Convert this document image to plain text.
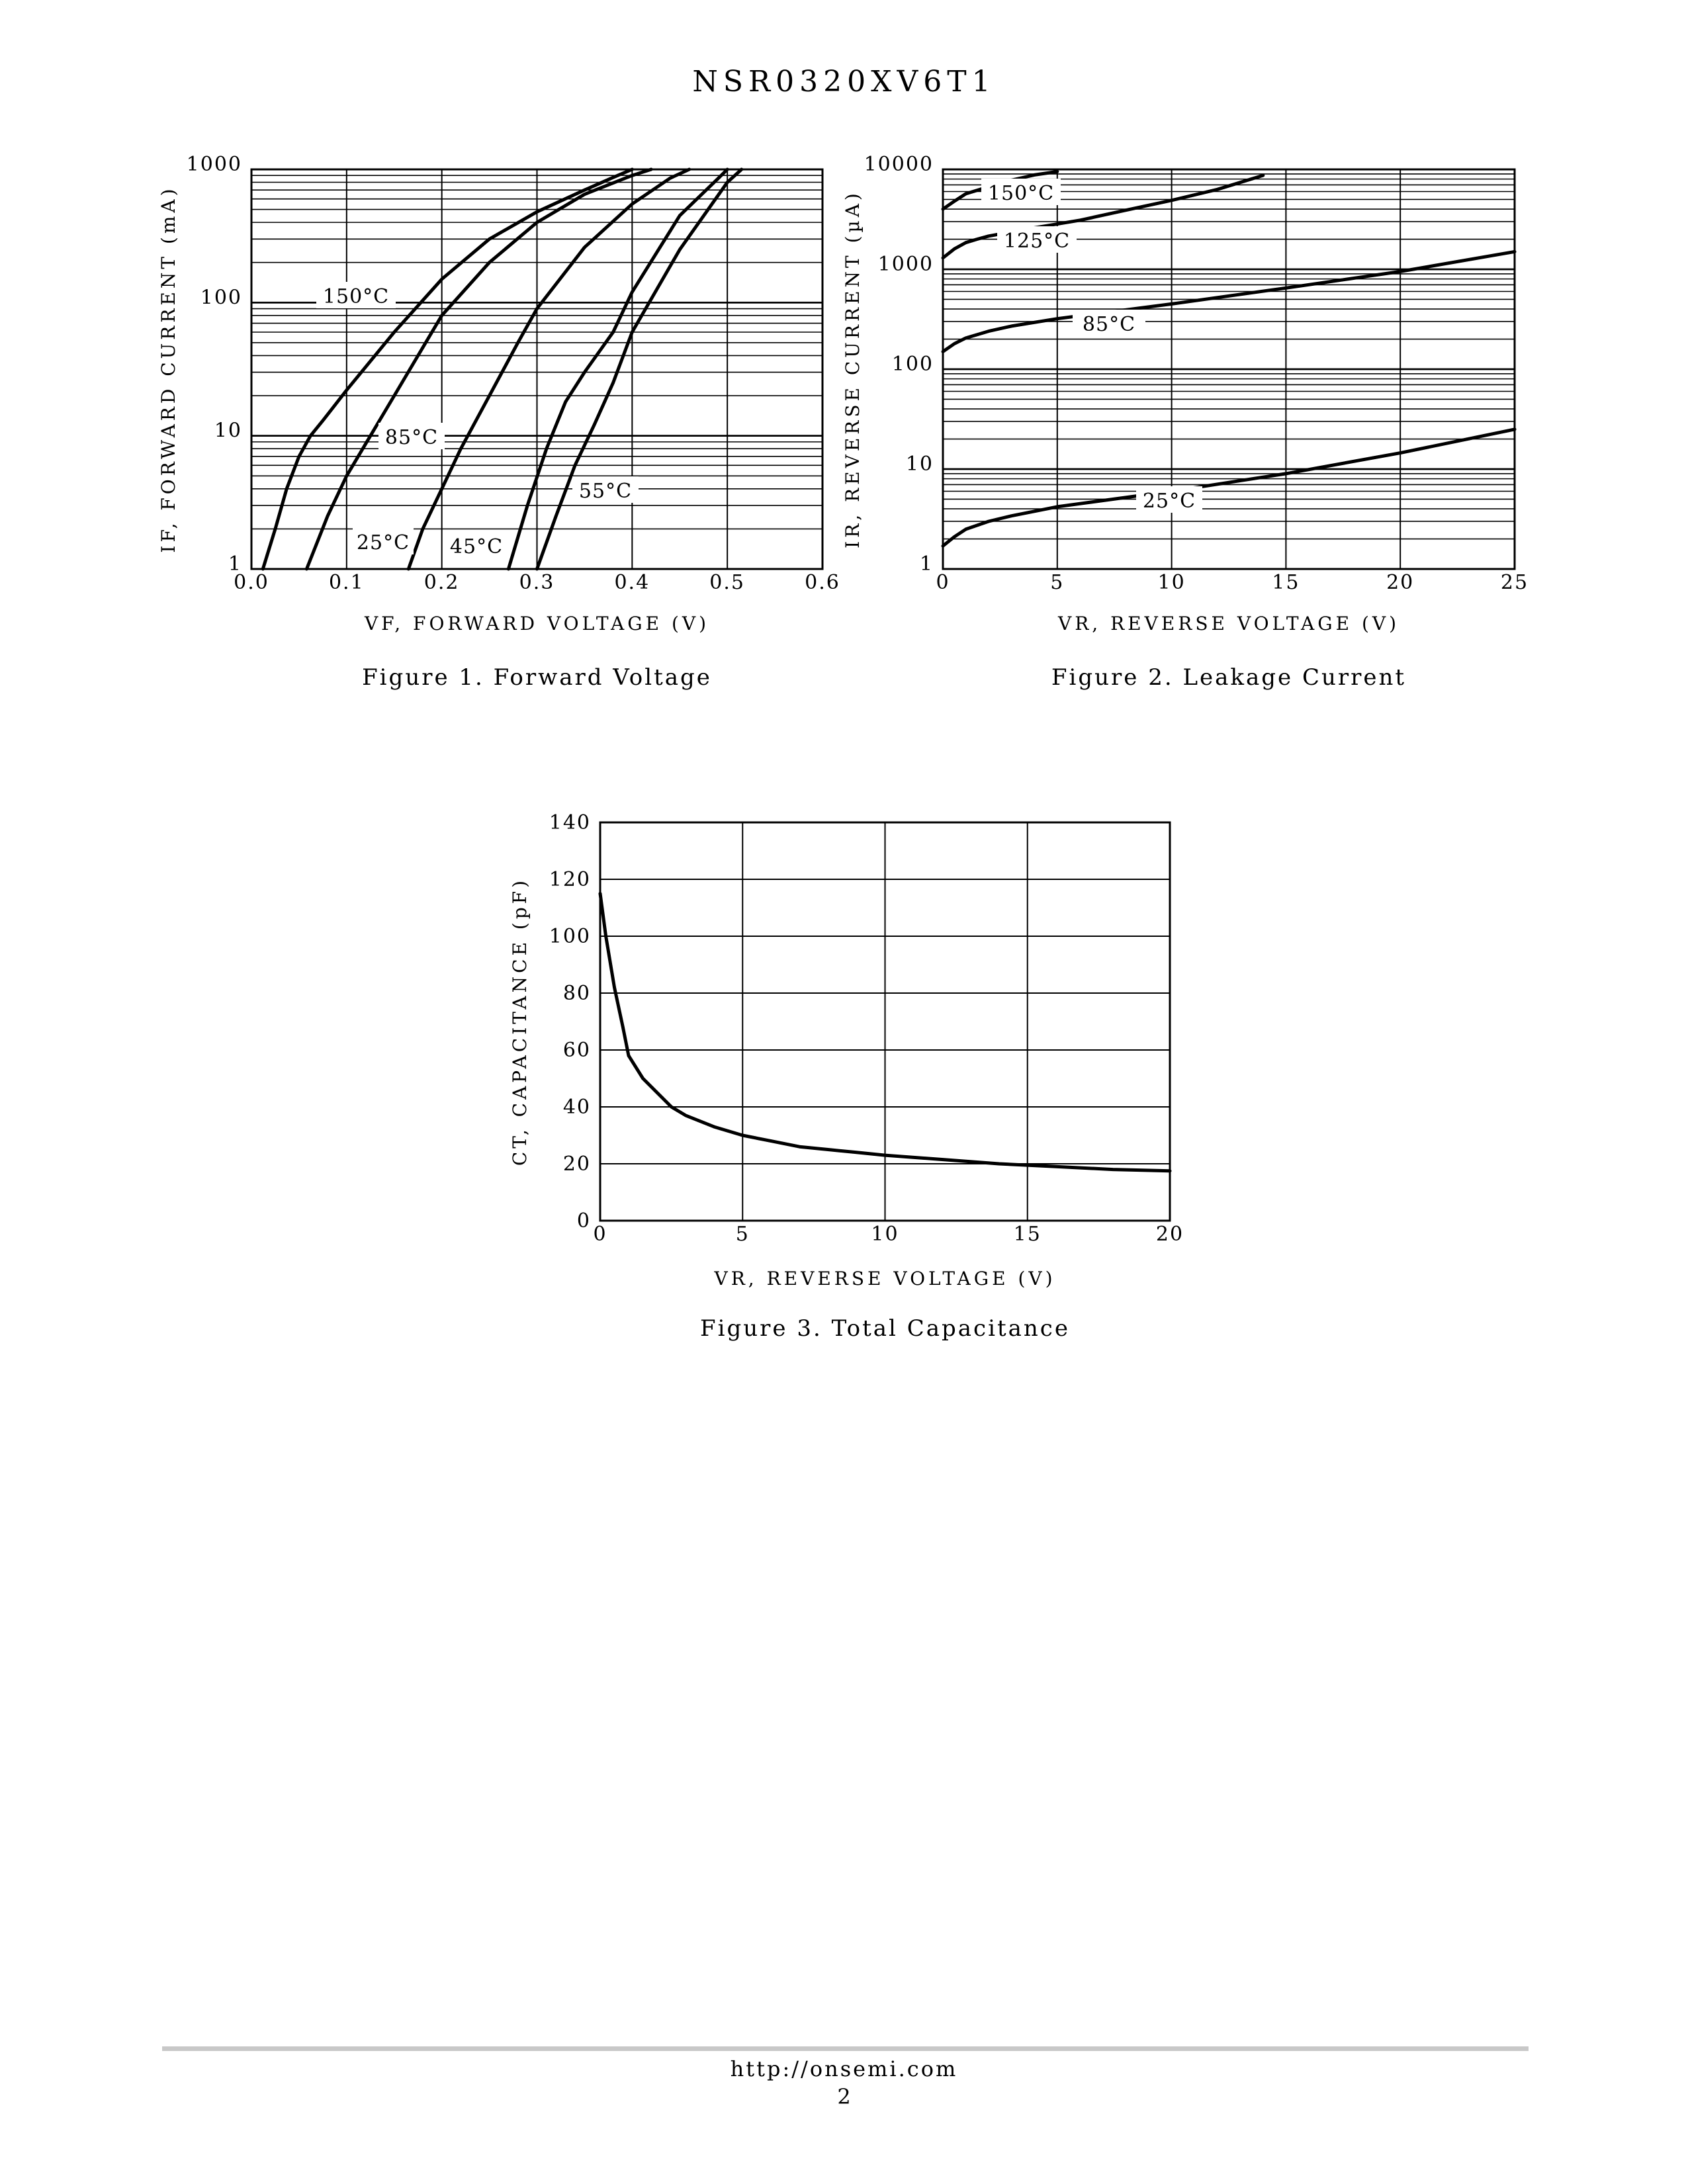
NSR0320XV6T1
0.0	0.1	0.2	0.3	0.4	0.5	0.6
1
10
100
1000
VF, FORWARD VOLTAGE (V)
IF, FORWARD CURRENT (mA)
Figure 1. Forward Voltage
0	5	10	15	20	25
1
10
100
1000
10000
VR, REVERSE VOLTAGE (V)
IR, REVERSE CURRENT (µA)
Figure 2. Leakage Current
0	5	10	15	20
0
20
40
60
80
100
120
140
VR, REVERSE VOLTAGE (V)
CT, CAPACITANCE (pF)
Figure 3. Total Capacitance
150°C
85°C
55°C
25°C 45°C
150°C
125°C
85°C
25°C
http://onsemi.com
2
